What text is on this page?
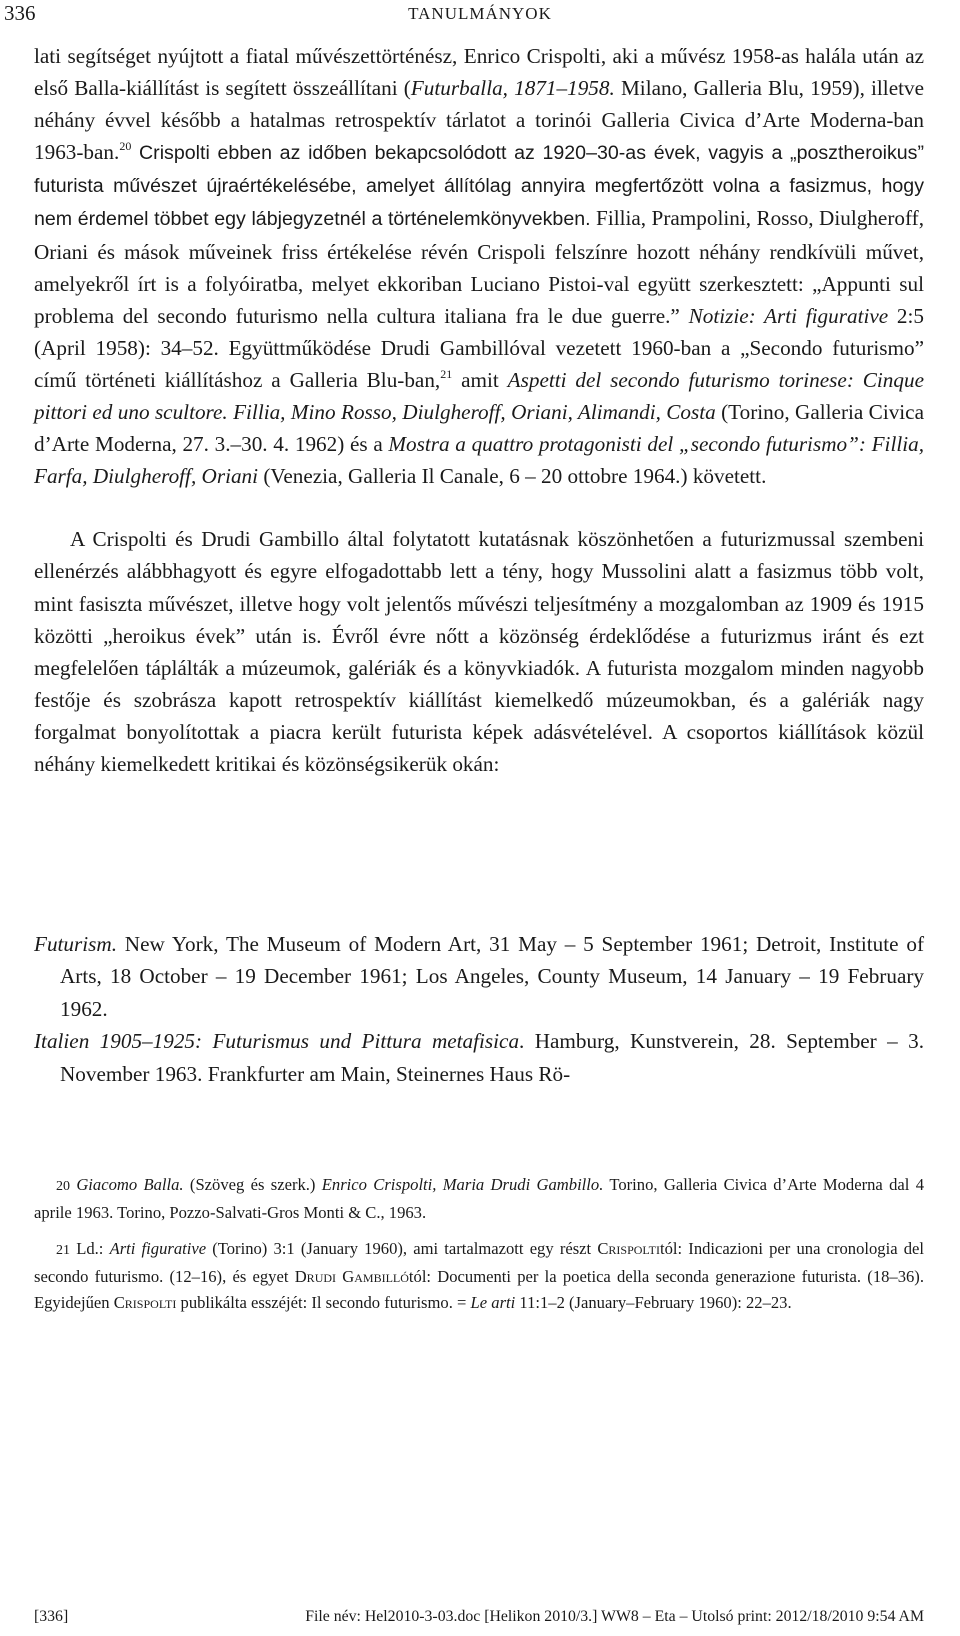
336	TANULMÁNYOK

lati segítséget nyújtott a fiatal művészettörténész, Enrico Crispolti, aki a művész 1958-as halála után az első Balla-kiállítást is segített összeállítani (Futurballa, 1871–1958. Milano, Galleria Blu, 1959), illetve néhány évvel később a hatalmas retrospektív tárlatot a torinói Galleria Civica d’Arte Moderna-ban 1963-ban.$^{20}$ Crispolti ebben az időben bekapcsolódott az 1920–30-as évek, vagyis a „posztheroikus” futurista művészet újraértékelésébe, amelyet állítólag annyira megfertőzött volna a fasizmus, hogy nem érdemel többet egy lábjegyzetnél a történelemkönyvekben. Fillia, Prampolini, Rosso, Diulgheroff, Oriani és mások műveinek friss értékelése révén Crispoli felszínre hozott néhány rendkívüli művet, amelyekről írt is a folyóiratba, melyet ekkoriban Luciano Pistoi-val együtt szerkesztett: „Appunti sul problema del secondo futurismo nella cultura italiana fra le due guerre.” Notizie: Arti figurative 2:5 (April 1958): 34–52. Együttműködése Drudi Gambillóval vezetett 1960-ban a „Secondo futurismo” című történeti kiállításhoz a Galleria Blu-ban,$^{21}$ amit Aspetti del secondo futurismo torinese: Cinque pittori ed uno scultore. Fillia, Mino Rosso, Diulgheroff, Oriani, Alimandi, Costa (Torino, Galleria Civica d’Arte Moderna, 27. 3.–30. 4. 1962) és a Mostra a quattro protagonisti del „secondo futurismo”: Fillia, Farfa, Diulgheroff, Oriani (Venezia, Galleria Il Canale, 6 – 20 ottobre 1964.) követett.

A Crispolti és Drudi Gambillo által folytatott kutatásnak köszönhetően a futurizmussal szembeni ellenérzés alábbhagyott és egyre elfogadottabb lett a tény, hogy Mussolini alatt a fasizmus több volt, mint fasiszta művészet, illetve hogy volt jelentős művészi teljesítmény a mozgalomban az 1909 és 1915 közötti „heroikus évek” után is. Évről évre nőtt a közönség érdeklődése a futurizmus iránt és ezt megfelelően táplálták a múzeumok, galériák és a könyvkiadók. A futurista mozgalom minden nagyobb festője és szobrásza kapott retrospektív kiállítást kiemelkedő múzeumokban, és a galériák nagy forgalmat bonyolítottak a piacra került futurista képek adásvételével. A csoportos kiállítások közül néhány kiemelkedett kritikai és közönségsikerük okán:

Futurism. New York, The Museum of Modern Art, 31 May – 5 September 1961; Detroit, Institute of Arts, 18 October – 19 December 1961; Los Angeles, County Museum, 14 January – 19 February 1962.

Italien 1905–1925: Futurismus und Pittura metafisica. Hamburg, Kunstverein, 28. September – 3. November 1963. Frankfurter am Main, Steinernes Haus Rö-

20 Giacomo Balla. (Szöveg és szerk.) Enrico Crispolti, Maria Drudi Gambillo. Torino, Galleria Civica d’Arte Moderna dal 4 aprile 1963. Torino, Pozzo-Salvati-Gros Monti & C., 1963.

21 Ld.: Arti figurative (Torino) 3:1 (January 1960), ami tartalmazott egy részt Crispoltitól: Indicazioni per una cronologia del secondo futurismo. (12–16), és egyet Drudi Gambillótól: Documenti per la poetica della seconda generazione futurista. (18–36). Egyidejűen Crispolti publikálta esszéjét: Il secondo futurismo. = Le arti 11:1–2 (January–February 1960): 22–23.

[336]	File név: Hel2010-3-03.doc [Helikon 2010/3.] WW8 – Eta – Utolsó print: 2012/18/2010 9:54 AM
